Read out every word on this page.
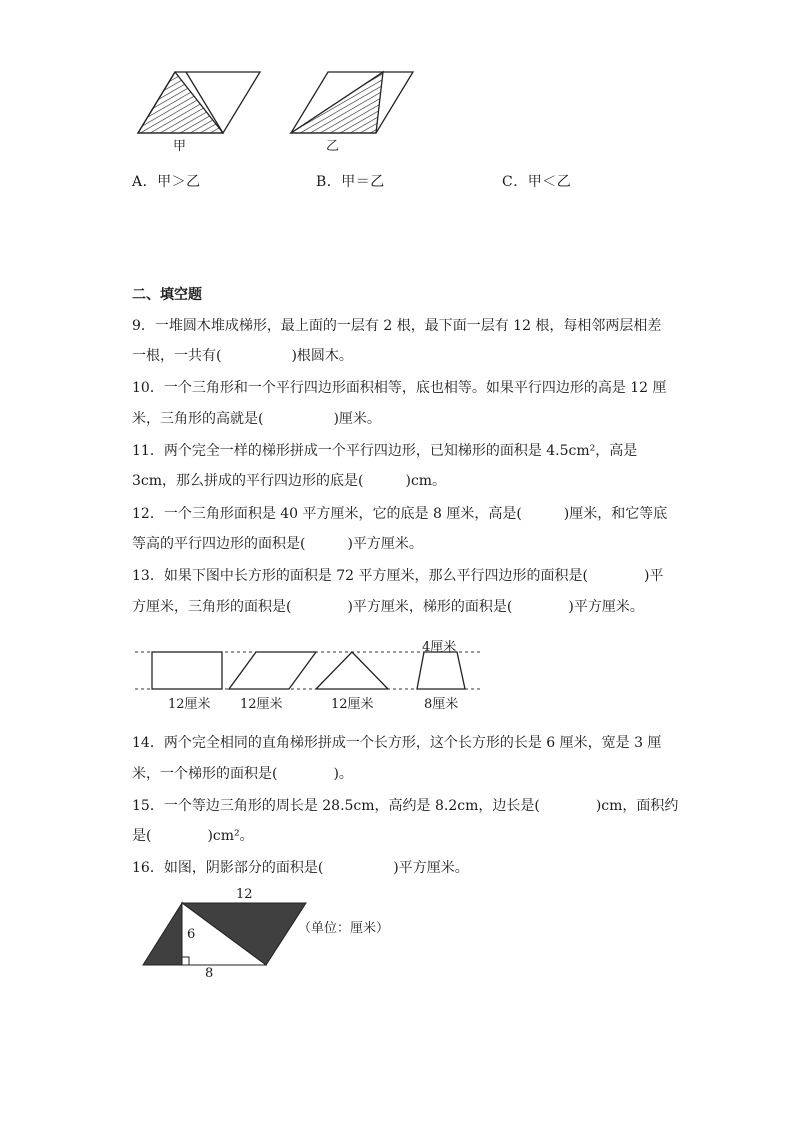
甲	乙
A．甲＞乙	B．甲＝乙	C．甲＜乙
二、填空题
9．一堆圆木堆成梯形，最上面的一层有 2 根，最下面一层有 12 根，每相邻两层相差
一根，一共有(　　　　　)根圆木。
10．一个三角形和一个平行四边形面积相等，底也相等。如果平行四边形的高是 12 厘
米，三角形的高就是(　　　　　)厘米。
11．两个完全一样的梯形拼成一个平行四边形，已知梯形的面积是 4.5cm²，高是
3cm，那么拼成的平行四边形的底是(　　　)cm。
12．一个三角形面积是 40 平方厘米，它的底是 8 厘米，高是(　　　)厘米，和它等底
等高的平行四边形的面积是(　　　)平方厘米。
13．如果下图中长方形的面积是 72 平方厘米，那么平行四边形的面积是(　　　　)平
方厘米，三角形的面积是(　　　　)平方厘米，梯形的面积是(　　　　)平方厘米。
12厘米 12厘米	12厘米	8厘米
4厘米
14．两个完全相同的直角梯形拼成一个长方形，这个长方形的长是 6 厘米，宽是 3 厘
米，一个梯形的面积是(　　　　)。
15．一个等边三角形的周长是 28.5cm，高约是 8.2cm，边长是(　　　　)cm，面积约
是(　　　　)cm²。
16．如图，阴影部分的面积是(　　　　　)平方厘米。
12
6
8
（单位：厘米）
